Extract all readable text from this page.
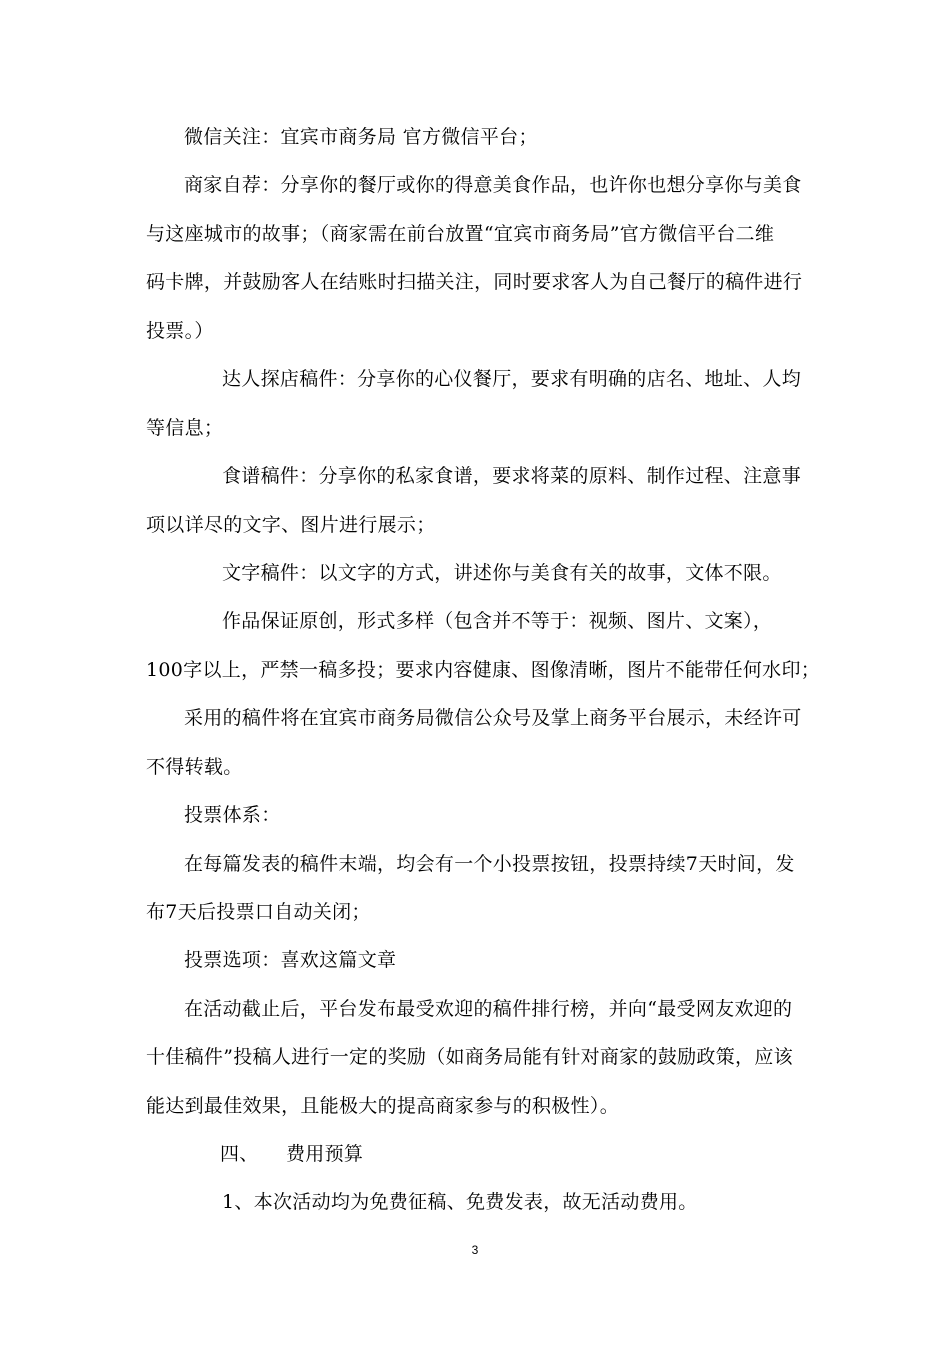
微信关注：宜宾市商务局 官方微信平台；
商家自荐：分享你的餐厅或你的得意美食作品，也许你也想分享你与美食
与这座城市的故事；（商家需在前台放置“宜宾市商务局”官方微信平台二维
码卡牌，并鼓励客人在结账时扫描关注，同时要求客人为自己餐厅的稿件进行
投票。）
达人探店稿件：分享你的心仪餐厅，要求有明确的店名、地址、人均
等信息；
食谱稿件：分享你的私家食谱，要求将菜的原料、制作过程、注意事
项以详尽的文字、图片进行展示；
文字稿件：以文字的方式，讲述你与美食有关的故事，文体不限。
作品保证原创，形式多样（包含并不等于：视频、图片、文案），
100字以上，严禁一稿多投；要求内容健康、图像清晰，图片不能带任何水印；
采用的稿件将在宜宾市商务局微信公众号及掌上商务平台展示，未经许可
不得转载。
投票体系：
在每篇发表的稿件末端，均会有一个小投票按钮，投票持续7天时间，发
布7天后投票口自动关闭；
投票选项：喜欢这篇文章
在活动截止后，平台发布最受欢迎的稿件排行榜，并向“最受网友欢迎的
十佳稿件”投稿人进行一定的奖励（如商务局能有针对商家的鼓励政策，应该
能达到最佳效果，且能极大的提高商家参与的积极性）。
四、 费用预算
1、本次活动均为免费征稿、免费发表，故无活动费用。
3
